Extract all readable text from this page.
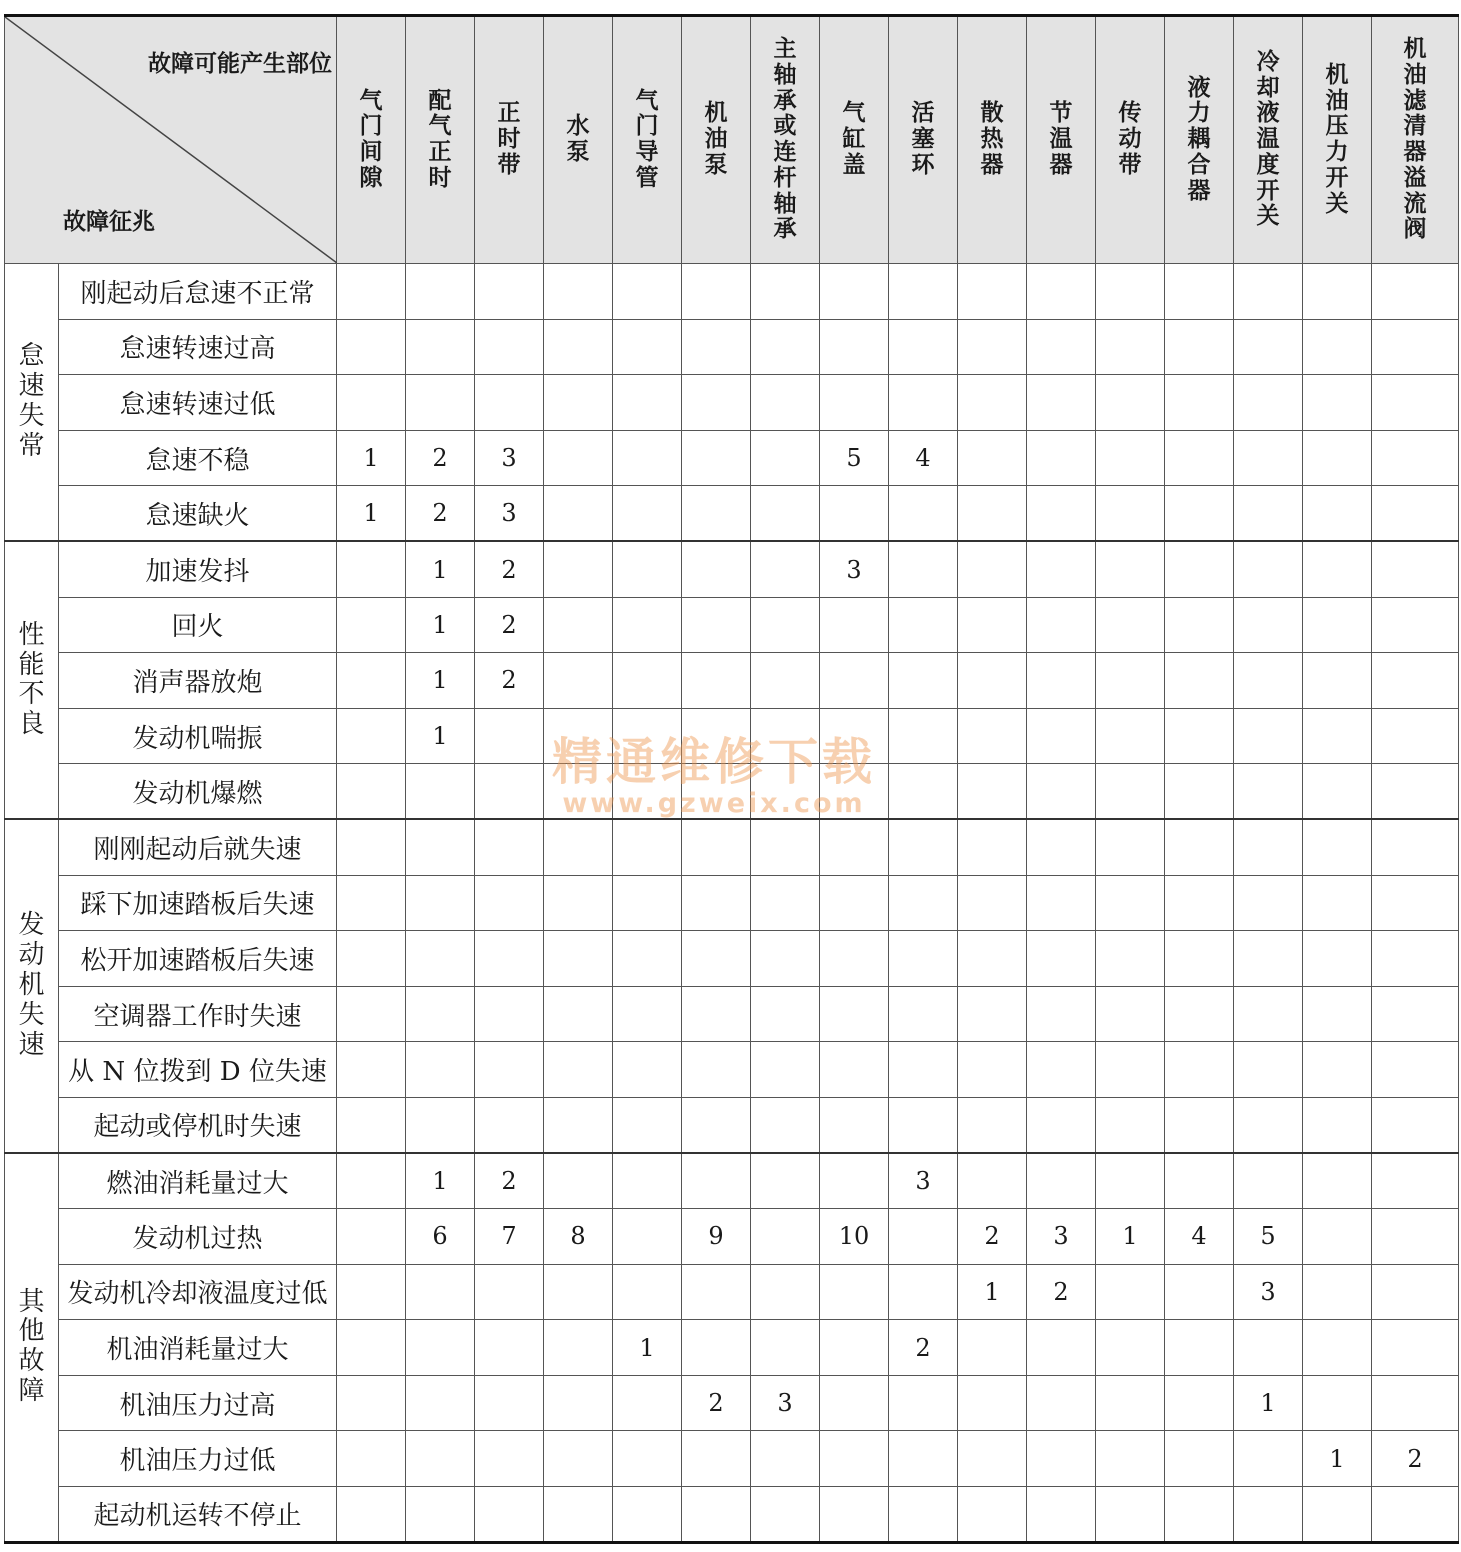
故障可能产生部位
故障征兆		气门间隙	配气正时	正时带	水泵	气门导管	机油泵	主轴承或连杆轴承	气缸盖	活塞环	散热器	节温器	传动带	液力耦合器	冷却液温度开关	机油压力开关	机油滤清器溢流阀
怠速失常	刚起动后怠速不正常																
	怠速转速过高																
	怠速转速过低																
	怠速不稳	1	2	3					5	4							
	怠速缺火	1	2	3													
性能不良	加速发抖		1	2					3								
	回火		1	2													
	消声器放炮		1	2													
	发动机喘振		1														
	发动机爆燃																
发动机失速	刚刚起动后就失速																
	踩下加速踏板后失速																
	松开加速踏板后失速																
	空调器工作时失速																
	从 N 位拨到 D 位失速																
	起动或停机时失速																
其他故障	燃油消耗量过大		1	2						3							
	发动机过热		6	7	8		9		10		2	3	1	4	5		
	发动机冷却液温度过低										1	2			3		
	机油消耗量过大					1				2							
	机油压力过高						2	3							1		
	机油压力过低															1	2
	起动机运转不停止																
精通维修下载
www.gzweix.com
